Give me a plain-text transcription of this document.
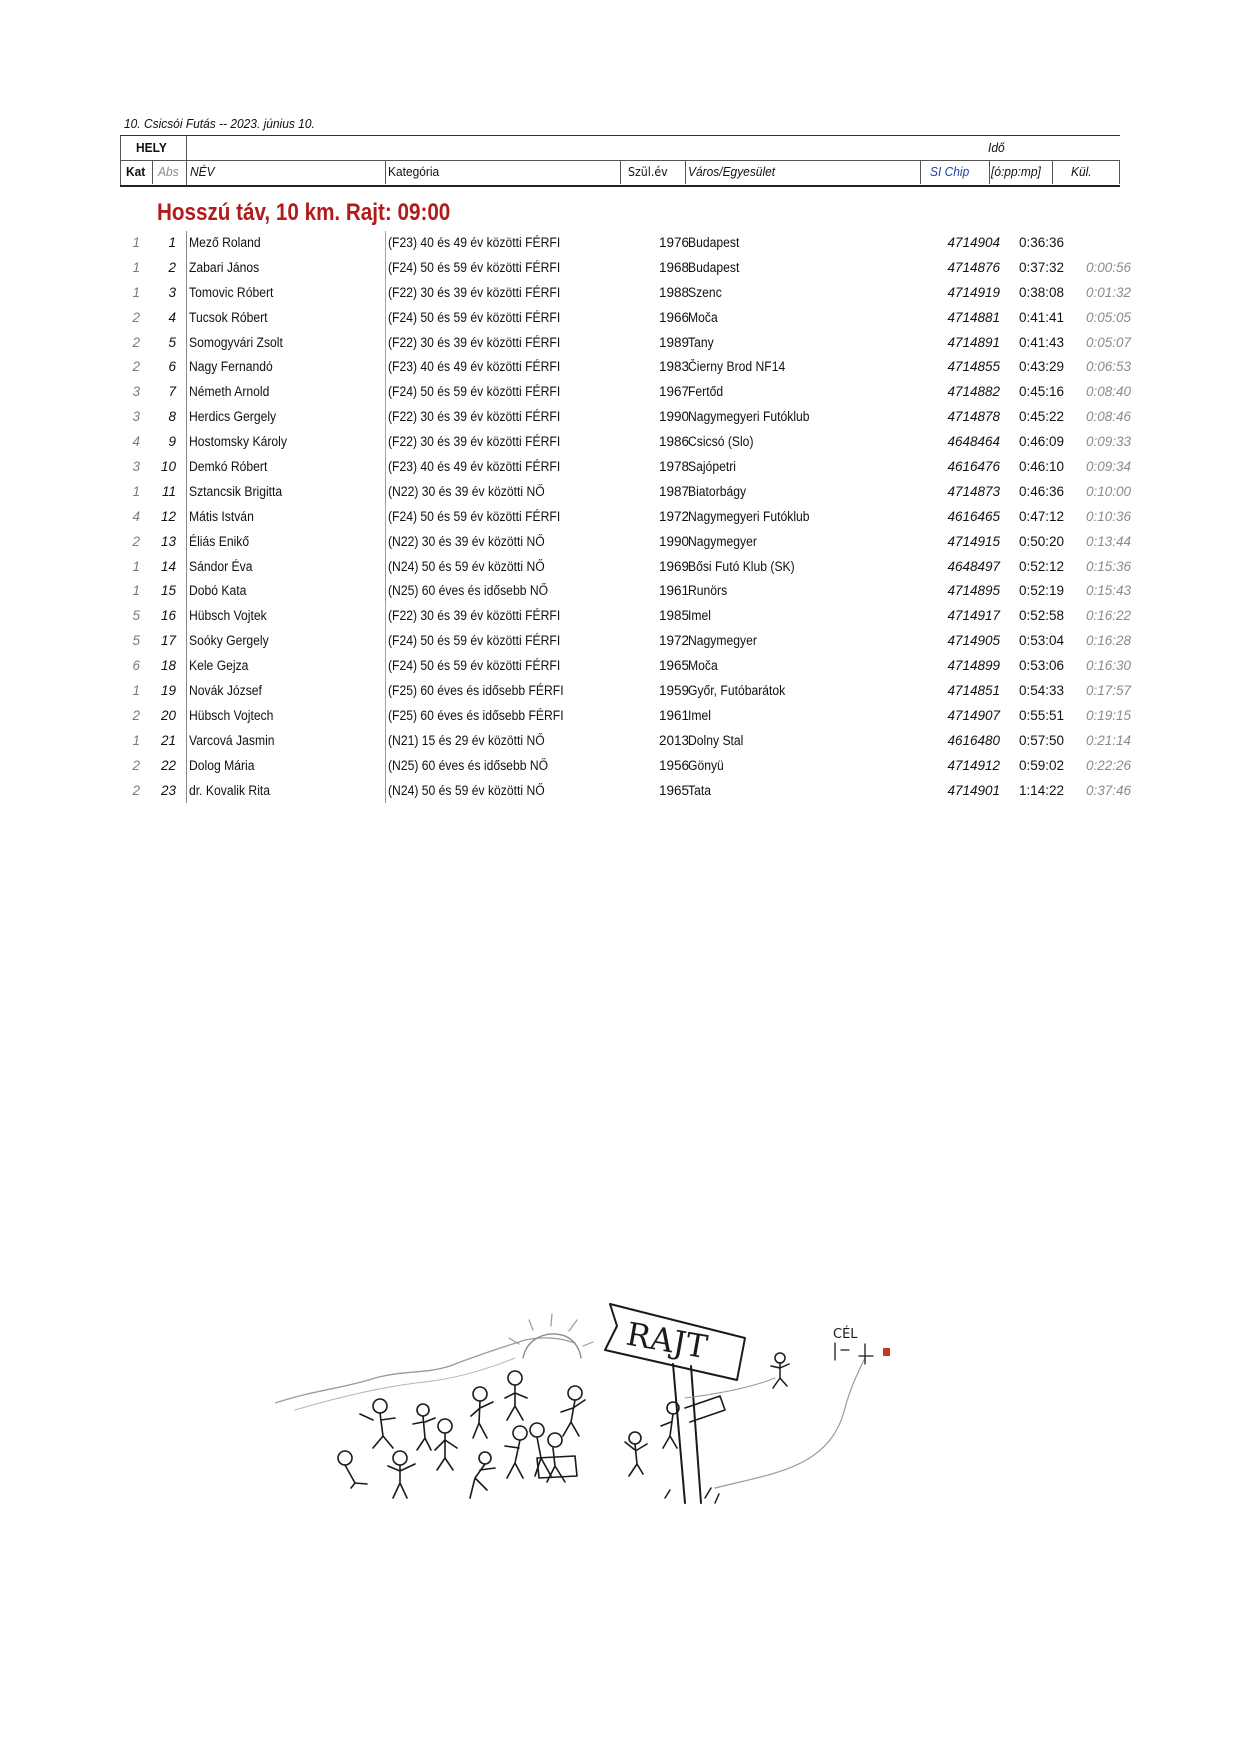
10. Csicsói Futás -- 2023. június 10.
HELY	Idő
Kat Abs NÉV	Kategória	Szül.év Város/Egyesület	SI Chip [ó:pp:mp] Kül.
Hosszú táv, 10 km. Rajt: 09:00
1	1 Mező Roland	(F23) 40 és 49 év közötti FÉRFI	1976 Budapest	4714904	0:36:36
1	2 Zabari János	(F24) 50 és 59 év közötti FÉRFI	1968 Budapest	4714876	0:37:32	0:00:56
1	3 Tomovic Róbert	(F22) 30 és 39 év közötti FÉRFI	1988 Szenc	4714919	0:38:08	0:01:32
2	4 Tucsok Róbert	(F24) 50 és 59 év közötti FÉRFI	1966 Moča	4714881	0:41:41	0:05:05
2	5 Somogyvári Zsolt	(F22) 30 és 39 év közötti FÉRFI	1989 Tany	4714891	0:41:43	0:05:07
2	6 Nagy Fernandó	(F23) 40 és 49 év közötti FÉRFI	1983 Čierny Brod NF14	4714855	0:43:29	0:06:53
3	7 Németh Arnold	(F24) 50 és 59 év közötti FÉRFI	1967 Fertőd	4714882	0:45:16	0:08:40
3	8 Herdics Gergely	(F22) 30 és 39 év közötti FÉRFI	1990 Nagymegyeri Futóklub	4714878	0:45:22	0:08:46
4	9 Hostomsky Károly	(F22) 30 és 39 év közötti FÉRFI	1986 Csicsó (Slo)	4648464	0:46:09	0:09:33
3	10 Demkó Róbert	(F23) 40 és 49 év közötti FÉRFI	1978 Sajópetri	4616476	0:46:10	0:09:34
1	11 Sztancsik Brigitta	(N22) 30 és 39 év közötti NŐ	1987 Biatorbágy	4714873	0:46:36	0:10:00
4	12 Mátis István	(F24) 50 és 59 év közötti FÉRFI	1972 Nagymegyeri Futóklub	4616465	0:47:12	0:10:36
2	13 Éliás Enikő	(N22) 30 és 39 év közötti NŐ	1990 Nagymegyer	4714915	0:50:20	0:13:44
1	14 Sándor Éva	(N24) 50 és 59 év közötti NŐ	1969 Bősi Futó Klub (SK)	4648497	0:52:12	0:15:36
1	15 Dobó Kata	(N25) 60 éves és idősebb NŐ	1961 Runörs	4714895	0:52:19	0:15:43
5	16 Hübsch Vojtek	(F22) 30 és 39 év közötti FÉRFI	1985 Imel	4714917	0:52:58	0:16:22
5	17 Soóky Gergely	(F24) 50 és 59 év közötti FÉRFI	1972 Nagymegyer	4714905	0:53:04	0:16:28
6	18 Kele Gejza	(F24) 50 és 59 év közötti FÉRFI	1965 Moča	4714899	0:53:06	0:16:30
1	19 Novák József	(F25) 60 éves és idősebb FÉRFI	1959 Győr, Futóbarátok	4714851	0:54:33	0:17:57
2	20 Hübsch Vojtech	(F25) 60 éves és idősebb FÉRFI	1961 Imel	4714907	0:55:51	0:19:15
1	21 Varcová Jasmin	(N21) 15 és 29 év közötti NŐ	2013 Dolny Stal	4616480	0:57:50	0:21:14
2	22 Dolog Mária	(N25) 60 éves és idősebb NŐ	1956 Gönyü	4714912	0:59:02	0:22:26
2	23 dr. Kovalik Rita	(N24) 50 és 59 év közötti NŐ	1965 Tata	4714901	1:14:22	0:37:46
RAJT	CÉL
